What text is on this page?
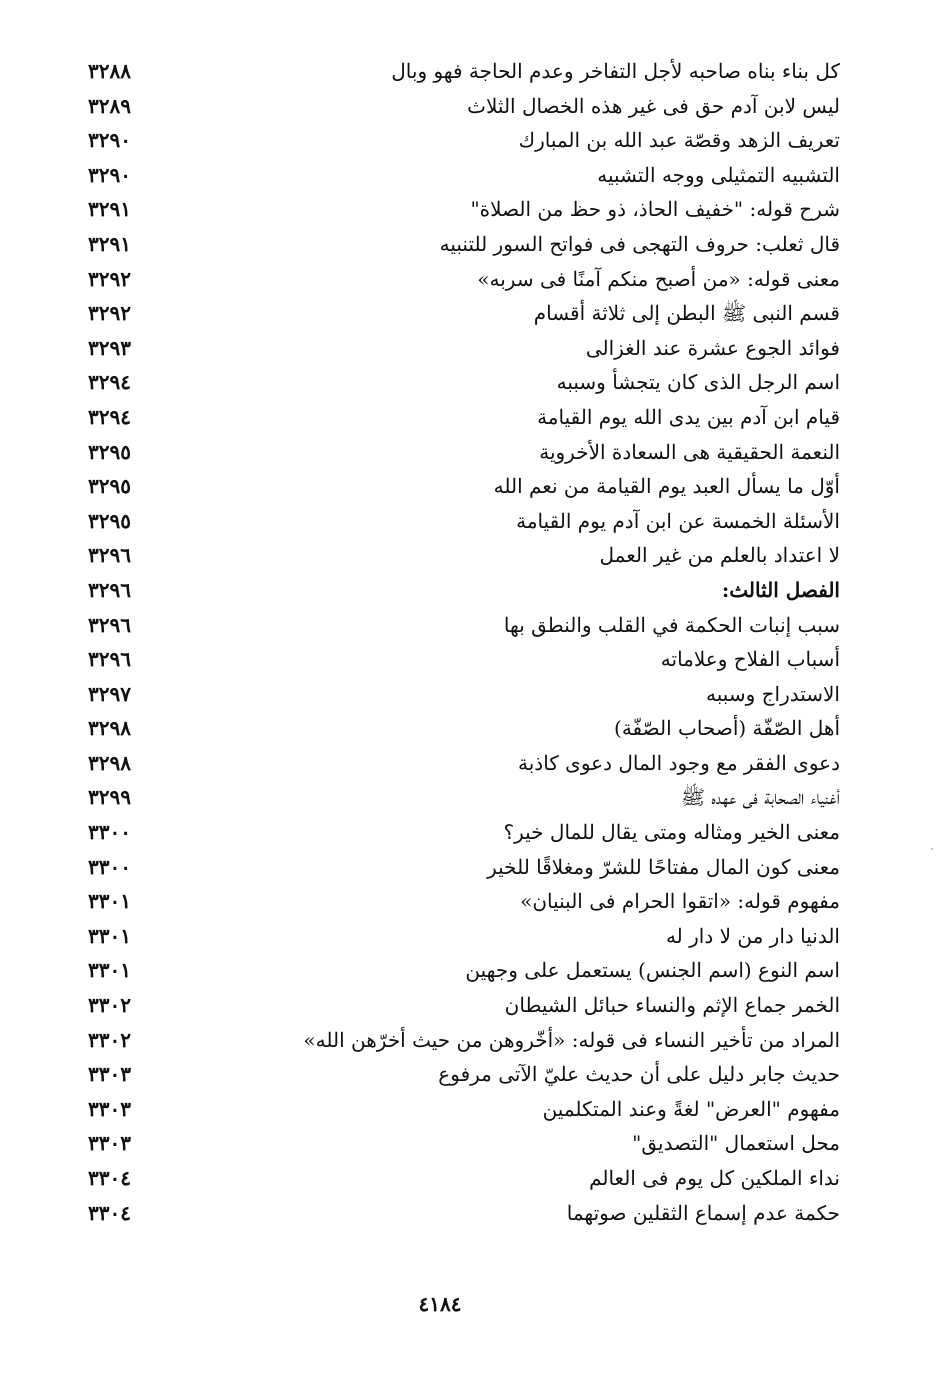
كل بناء بناه صاحبه لأجل التفاخر وعدم الحاجة فهو وبال
٣٢٨٨
ليس لابن آدم حق فى غير هذه الخصال الثلاث
٣٢٨٩
تعريف الزهد وقصّة عبد الله بن المبارك
٣٢٩٠
التشبيه التمثيلى ووجه التشبيه
٣٢٩٠
شرح قوله: "خفيف الحاذ، ذو حظ من الصلاة"
٣٢٩١
قال ثعلب: حروف التهجى فى فواتح السور للتنبيه
٣٢٩١
معنى قوله: «من أصبح منكم آمنًا فى سربه»
٣٢٩٢
قسم النبى ﷺ البطن إلى ثلاثة أقسام
٣٢٩٢
فوائد الجوع عشرة عند الغزالى
٣٢٩٣
اسم الرجل الذى كان يتجشأ وسببه
٣٢٩٤
قيام ابن آدم بين يدى الله يوم القيامة
٣٢٩٤
النعمة الحقيقية هى السعادة الأخروية
٣٢٩٥
أوّل ما يسأل العبد يوم القيامة من نعم الله
٣٢٩٥
الأسئلة الخمسة عن ابن آدم يوم القيامة
٣٢٩٥
لا اعتداد بالعلم من غير العمل
٣٢٩٦
الفصل الثالث:
٣٢٩٦
سبب إنبات الحكمة في القلب والنطق بها
٣٢٩٦
أسباب الفلاح وعلاماته
٣٢٩٦
الاستدراج وسببه
٣٢٩٧
أهل الصّفّة (أصحاب الصّفّة)
٣٢٩٨
دعوى الفقر مع وجود المال دعوى كاذبة
٣٢٩٨
أغنياء الصحابة فى عهده ﷺ
٣٢٩٩
معنى الخير ومثاله ومتى يقال للمال خير؟
٣٣٠٠
معنى كون المال مفتاحًا للشرّ ومغلاقًا للخير
٣٣٠٠
مفهوم قوله: «اتقوا الحرام فى البنيان»
٣٣٠١
الدنيا دار من لا دار له
٣٣٠١
اسم النوع (اسم الجنس) يستعمل على وجهين
٣٣٠١
الخمر جماع الإثم والنساء حبائل الشيطان
٣٣٠٢
المراد من تأخير النساء فى قوله: «أخّروهن من حيث أخرّهن الله»
٣٣٠٢
حديث جابر دليل على أن حديث عليّ الآتى مرفوع
٣٣٠٣
مفهوم "العرض" لغةً وعند المتكلمين
٣٣٠٣
محل استعمال "التصديق"
٣٣٠٣
نداء الملكين كل يوم فى العالم
٣٣٠٤
حكمة عدم إسماع الثقلين صوتهما
٣٣٠٤
٤١٨٤
